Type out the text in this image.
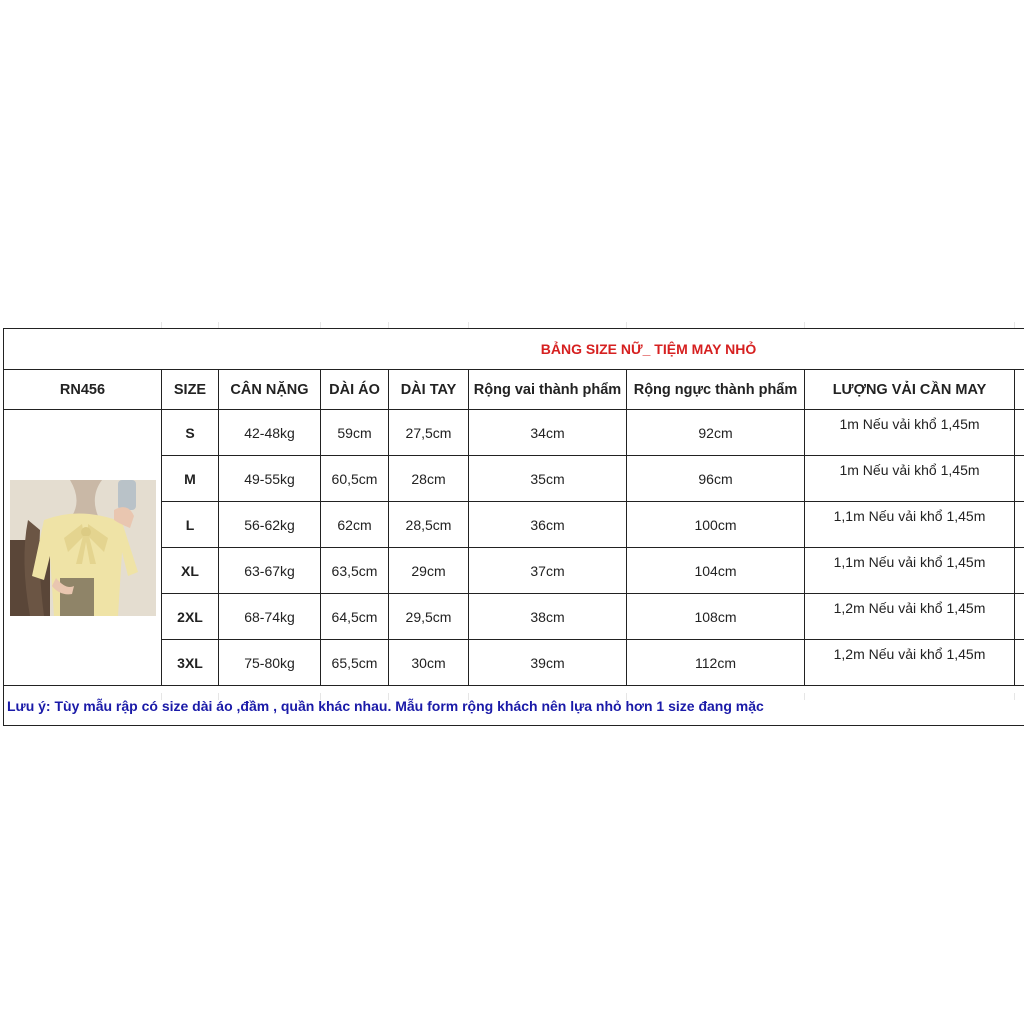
BẢNG SIZE NỮ_ TIỆM MAY NHỎ								
RN456	SIZE	CÂN NẶNG	DÀI ÁO	DÀI TAY	Rộng vai thành phẩm	Rộng ngực thành phẩm	LƯỢNG VẢI CẦN MAY	

	S	42-48kg	59cm	27,5cm	34cm	92cm	1m Nếu vải khổ 1,45m	
	M	49-55kg	60,5cm	28cm	35cm	96cm	1m Nếu vải khổ 1,45m	
	L	56-62kg	62cm	28,5cm	36cm	100cm	1,1m Nếu vải khổ 1,45m	
	XL	63-67kg	63,5cm	29cm	37cm	104cm	1,1m Nếu vải khổ 1,45m	
	2XL	68-74kg	64,5cm	29,5cm	38cm	108cm	1,2m Nếu vải khổ 1,45m	
	3XL	75-80kg	65,5cm	30cm	39cm	112cm	1,2m Nếu vải khổ 1,45m	
Lưu ý: Tùy mẫu rập có size dài áo ,đầm , quần khác nhau. Mẫu form rộng khách nên lựa nhỏ hơn 1 size đang mặc								
